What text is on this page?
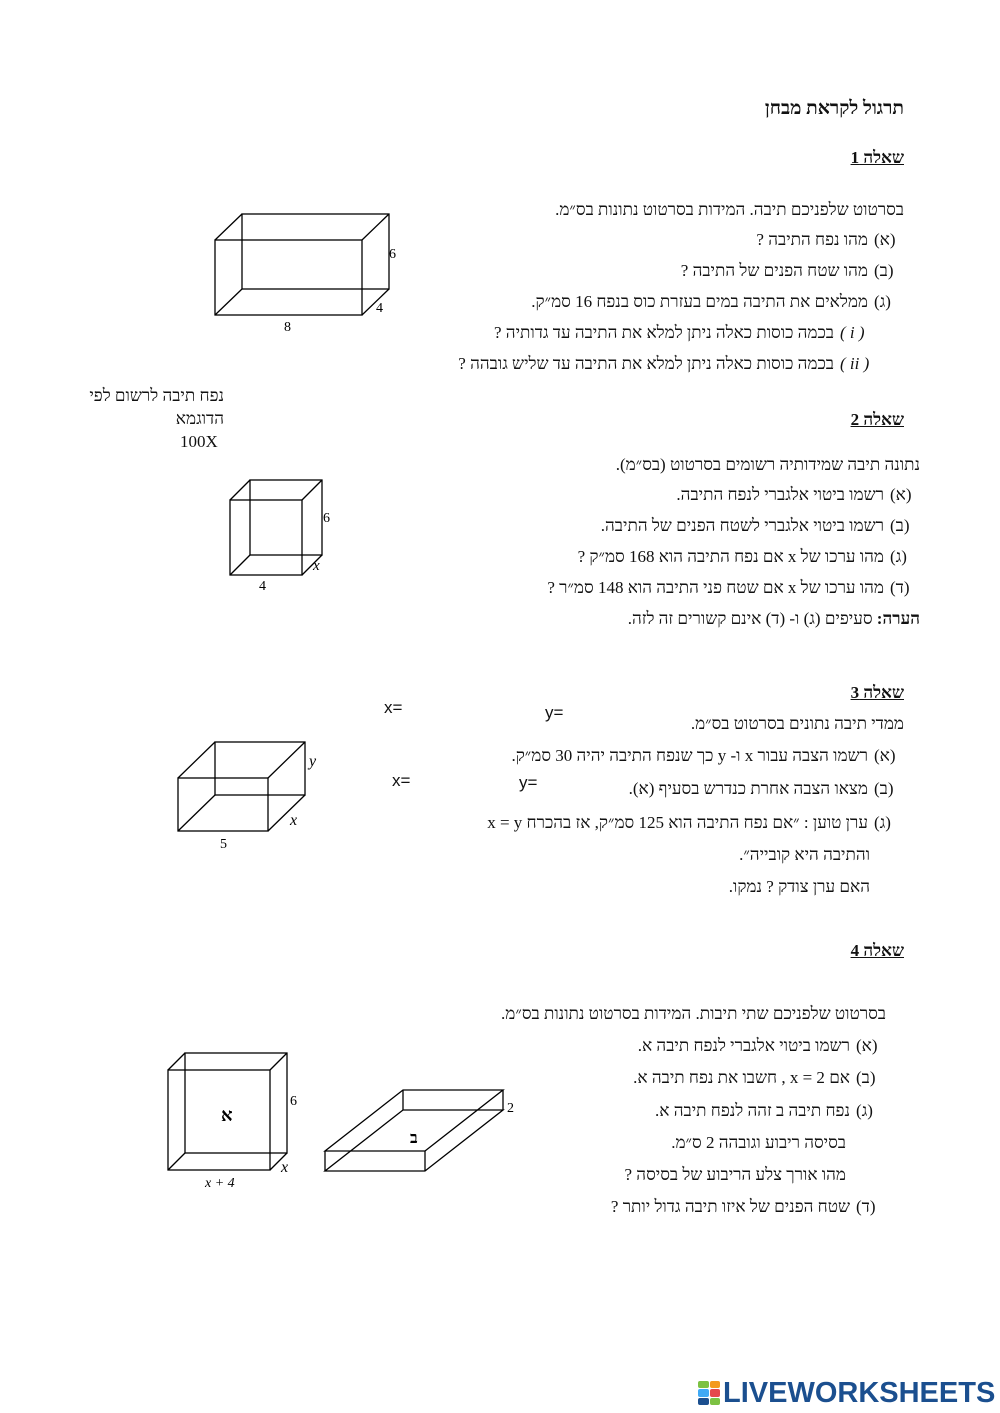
תרגול לקראת מבחן
שאלה 1
בסרטוט שלפניכם תיבה. המידות בסרטוט נתונות בס״מ.
(א)מהו נפח התיבה ?
(ב)מהו שטח הפנים של התיבה ?
(ג)ממלאים את התיבה במים בעזרת כוס בנפח 16 סמ״ק.
( i )בכמה כוסות כאלה ניתן למלא את התיבה עד גדותיה ?
( ii )בכמה כוסות כאלה ניתן למלא את התיבה עד שליש גובהה ?
6
4
8
נפח תיבה לרשום לפי
הדוגמא
100X
שאלה 2
נתונה תיבה שמידותיה רשומים בסרטוט (בס״מ).
(א)רשמו ביטוי אלגברי לנפח התיבה.
(ב)רשמו ביטוי אלגברי לשטח הפנים של התיבה.
(ג)מהו ערכו של x אם נפח התיבה הוא 168 סמ״ק ?
(ד)מהו ערכו של x אם שטח פני התיבה הוא 148 סמ״ר ?
הערה: סעיפים (ג) ו- (ד) אינם קשורים זה לזה.
6
x
4
שאלה 3
x=	y=
ממדי תיבה נתונים בסרטוט בס״מ.
(א)רשמו הצבה עבור x ו- y כך שנפח התיבה יהיה 30 סמ״ק.
x=	y=	(ב)מצאו הצבה אחרת כנדרש בסעיף (א).
(ג)ערן טוען : ״אם נפח התיבה הוא 125 סמ״ק, אז בהכרח x = y
והתיבה היא קובייה״.
האם ערן צודק ? נמקו.
y
x
5
שאלה 4
בסרטוט שלפניכם שתי תיבות. המידות בסרטוט נתונות בס״מ.
(א)רשמו ביטוי אלגברי לנפח תיבה א.
(ב)אם x = 2 , חשבו את נפח תיבה א.
(ג)נפח תיבה ב זהה לנפח תיבה א.
בסיסה ריבוע וגובהה 2 ס״מ.
מהו אורך צלע הריבוע של בסיסה ?
(ד)שטח הפנים של איזו תיבה גדול יותר ?
א
6
x
x + 4
ב
2
LIVEWORKSHEETS
